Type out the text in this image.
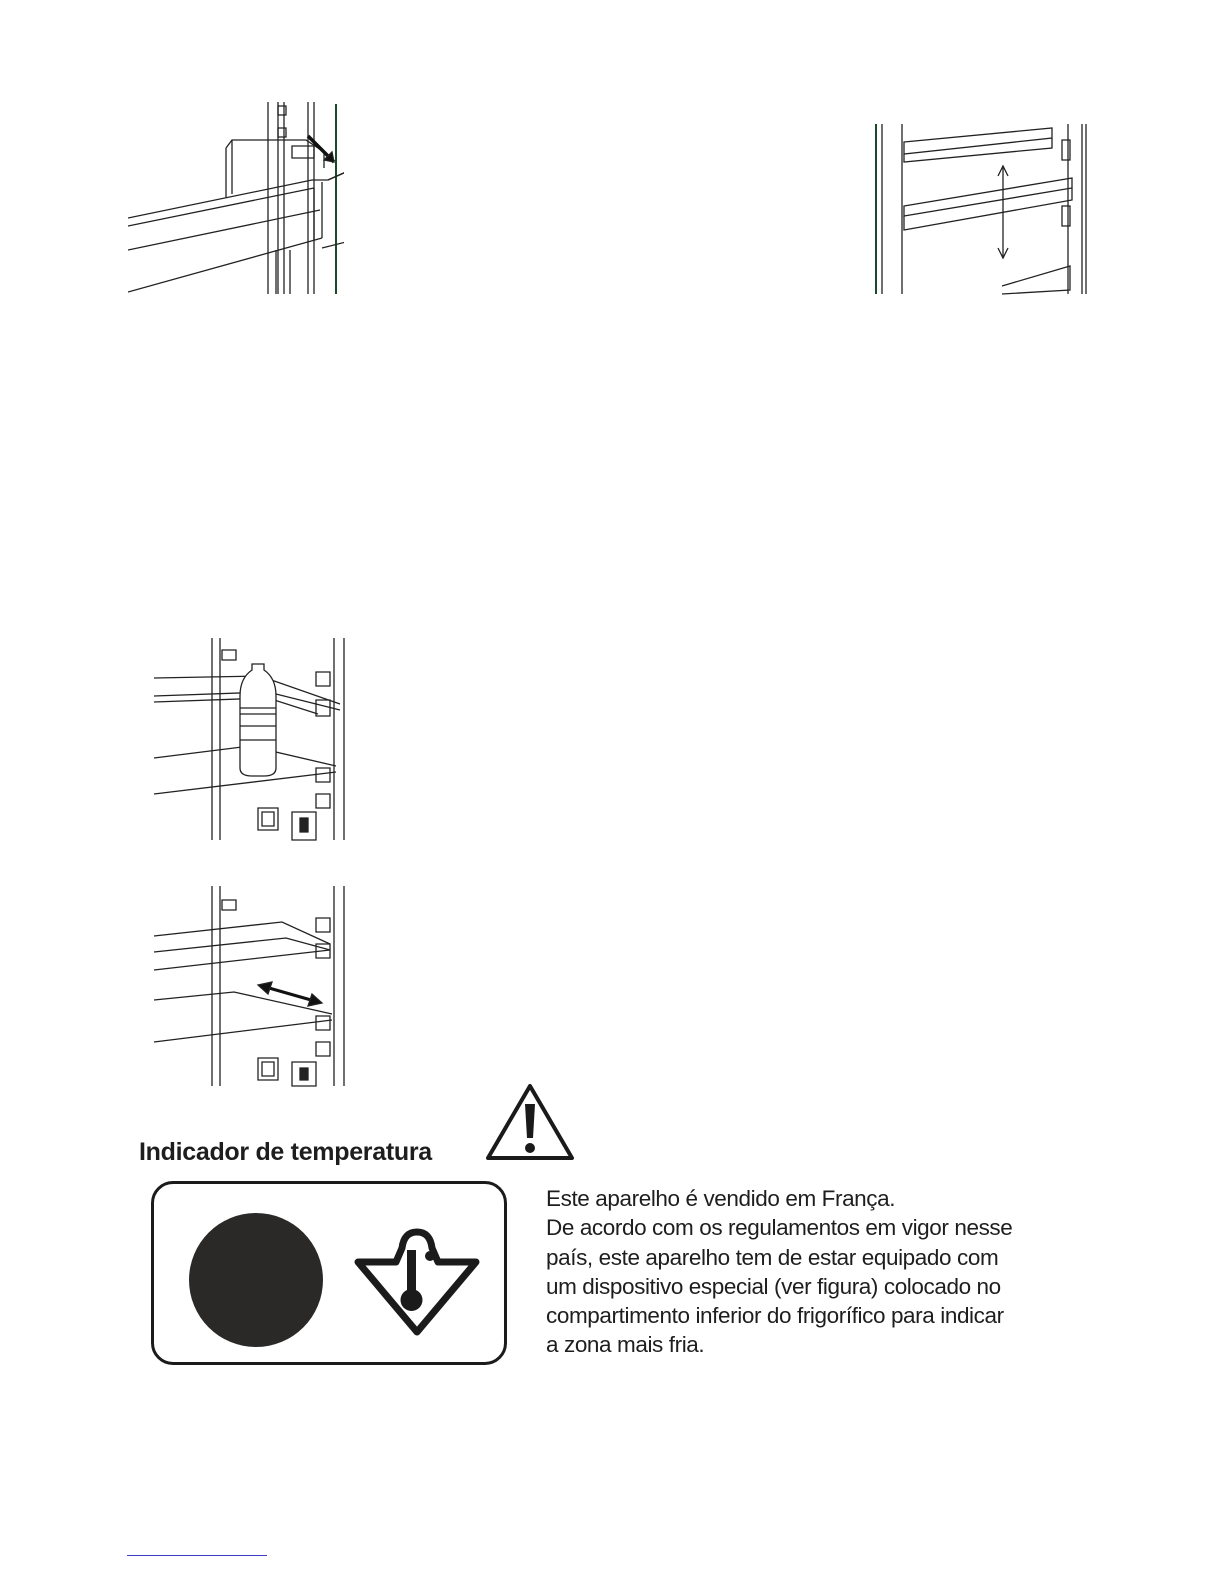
Indicador de temperatura

Este aparelho é vendido em França.

De acordo com os regulamentos em vigor nesse

país, este aparelho tem de estar equipado com

um dispositivo especial (ver figura) colocado no

compartimento inferior do frigorífico para indicar

a zona mais fria.
